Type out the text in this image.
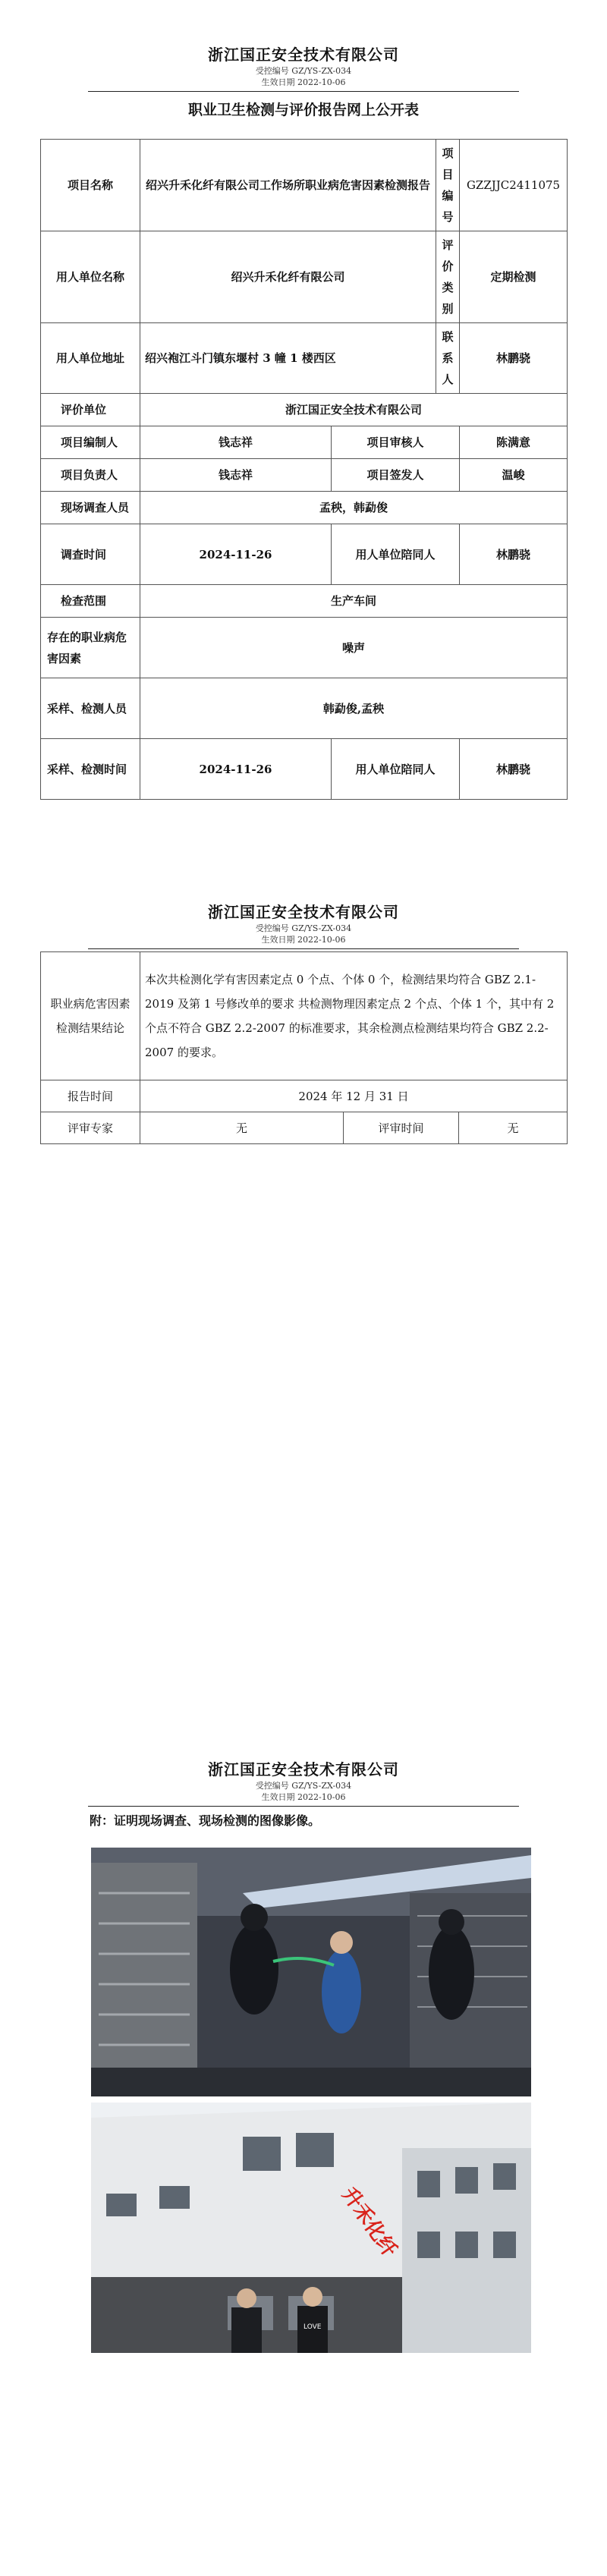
浙江国正安全技术有限公司
受控编号 GZ/YS-ZX-034
生效日期 2022-10-06
职业卫生检测与评价报告网上公开表
项目名称	绍兴升禾化纤有限公司工作场所职业病危害因素检测报告		项目编号	GZZJJC2411075
用人单位名称	绍兴升禾化纤有限公司		评价类别	定期检测
用人单位地址	绍兴袍江斗门镇东堰村 3 幢 1 楼西区		联系人	林鹏骁
评价单位	浙江国正安全技术有限公司			
项目编制人	钱志祥	项目审核人		陈满意
项目负责人	钱志祥	项目签发人		温峻
现场调查人员	孟秧，韩勐俊			
调查时间	2024-11-26	用人单位陪同人		林鹏骁
检查范围	生产车间			
存在的职业病危害因素	噪声			
采样、检测人员	韩勐俊,孟秧			
采样、检测时间	2024-11-26	用人单位陪同人		林鹏骁
浙江国正安全技术有限公司
受控编号 GZ/YS-ZX-034
生效日期 2022-10-06
职业病危害因素检测结果结论	本次共检测化学有害因素定点 0 个点、个体 0 个，检测结果均符合 GBZ 2.1-2019 及第 1 号修改单的要求 共检测物理因素定点 2 个点、个体 1 个，其中有 2 个点不符合 GBZ 2.2-2007 的标准要求，其余检测点检测结果均符合 GBZ 2.2-2007 的要求。		
报告时间	2024 年 12 月 31 日		
评审专家	无	评审时间	无
浙江国正安全技术有限公司
受控编号 GZ/YS-ZX-034
生效日期 2022-10-06
附：证明现场调查、现场检测的图像影像。
升禾化纤
LOVE
